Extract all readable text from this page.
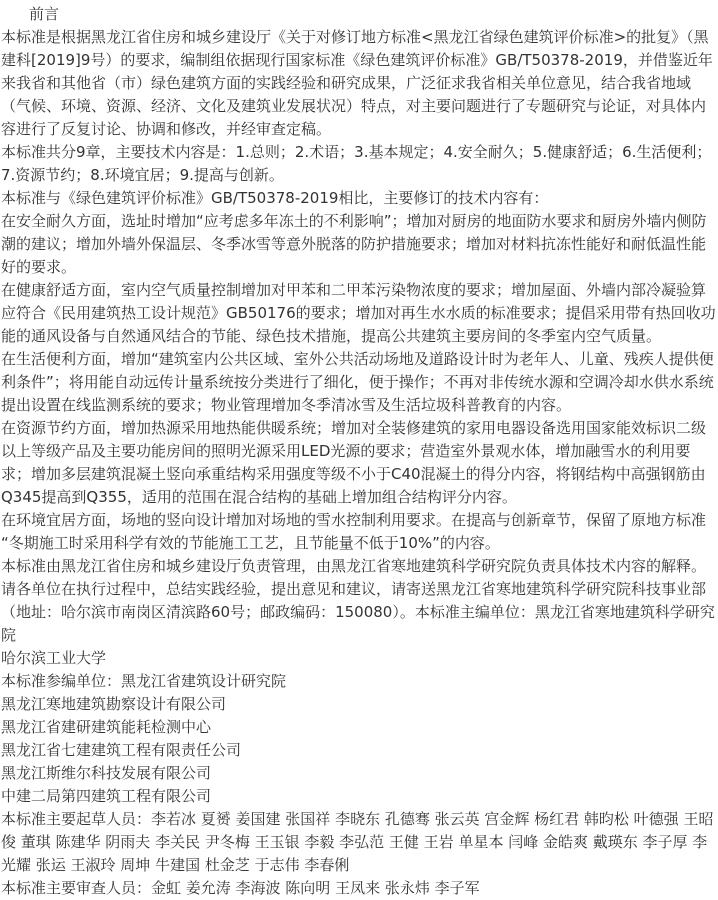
前言

本标准是根据黑龙江省住房和城乡建设厅《关于对修订地方标准<黑龙江省绿色建筑评价标准>的批复》（黑建科[2019]9号）的要求，编制组依据现行国家标准《绿色建筑评价标准》GB/T50378-2019，并借鉴近年来我省和其他省（市）绿色建筑方面的实践经验和研究成果，广泛征求我省相关单位意见，结合我省地域（气候、环境、资源、经济、文化及建筑业发展状况）特点，对主要问题进行了专题研究与论证，对具体内容进行了反复讨论、协调和修改，并经审查定稿。

本标准共分9章，主要技术内容是：1.总则；2.术语；3.基本规定；4.安全耐久；5.健康舒适；6.生活便利；7.资源节约；8.环境宜居；9.提高与创新。

本标准与《绿色建筑评价标准》GB/T50378-2019相比，主要修订的技术内容有：

在安全耐久方面，选址时增加“应考虑多年冻土的不利影响”；增加对厨房的地面防水要求和厨房外墙内侧防潮的建议；增加外墙外保温层、冬季冰雪等意外脱落的防护措施要求；增加对材料抗冻性能好和耐低温性能好的要求。

在健康舒适方面，室内空气质量控制增加对甲苯和二甲苯污染物浓度的要求；增加屋面、外墙内部冷凝验算应符合《民用建筑热工设计规范》GB50176的要求；增加对再生水水质的标准要求；提倡采用带有热回收功能的通风设备与自然通风结合的节能、绿色技术措施，提高公共建筑主要房间的冬季室内空气质量。

在生活便利方面，增加“建筑室内公共区域、室外公共活动场地及道路设计时为老年人、儿童、残疾人提供便利条件”；将用能自动远传计量系统按分类进行了细化，便于操作；不再对非传统水源和空调冷却水供水系统提出设置在线监测系统的要求；物业管理增加冬季清冰雪及生活垃圾科普教育的内容。

在资源节约方面，增加热源采用地热能供暖系统；增加对全装修建筑的家用电器设备选用国家能效标识二级以上等级产品及主要功能房间的照明光源采用LED光源的要求；营造室外景观水体，增加融雪水的利用要求；增加多层建筑混凝土竖向承重结构采用强度等级不小于C40混凝土的得分内容，将钢结构中高强钢筋由Q345提高到Q355，适用的范围在混合结构的基础上增加组合结构评分内容。

在环境宜居方面，场地的竖向设计增加对场地的雪水控制利用要求。在提高与创新章节，保留了原地方标准“冬期施工时采用科学有效的节能施工工艺，且节能量不低于10%”的内容。

本标准由黑龙江省住房和城乡建设厅负责管理，由黑龙江省寒地建筑科学研究院负责具体技术内容的解释。请各单位在执行过程中，总结实践经验，提出意见和建议，请寄送黑龙江省寒地建筑科学研究院科技事业部（地址：哈尔滨市南岗区清滨路60号；邮政编码：150080）。本标准主编单位：黑龙江省寒地建筑科学研究院

哈尔滨工业大学

本标准参编单位：黑龙江省建筑设计研究院

黑龙江寒地建筑勘察设计有限公司

黑龙江省建研建筑能耗检测中心

黑龙江省七建建筑工程有限责任公司

黑龙江斯维尔科技发展有限公司

中建二局第四建筑工程有限公司

本标准主要起草人员：李若冰 夏赟 姜国建 张国祥 李晓东 孔德骞 张云英 宫金辉 杨红君 韩昀松 叶德强 王昭俊 董琪 陈建华 阴雨夫 李关民 尹冬梅 王玉银 李毅 李弘范 王健 王岩 单星本 闫峰 金皓爽 戴瑛东 李子厚 李光耀 张运 王淑玲 周坤 牛建国 杜金芝 于志伟 李春俐

本标准主要审查人员：金虹 姜允涛 李海波 陈向明 王凤来 张永炜 李子军
